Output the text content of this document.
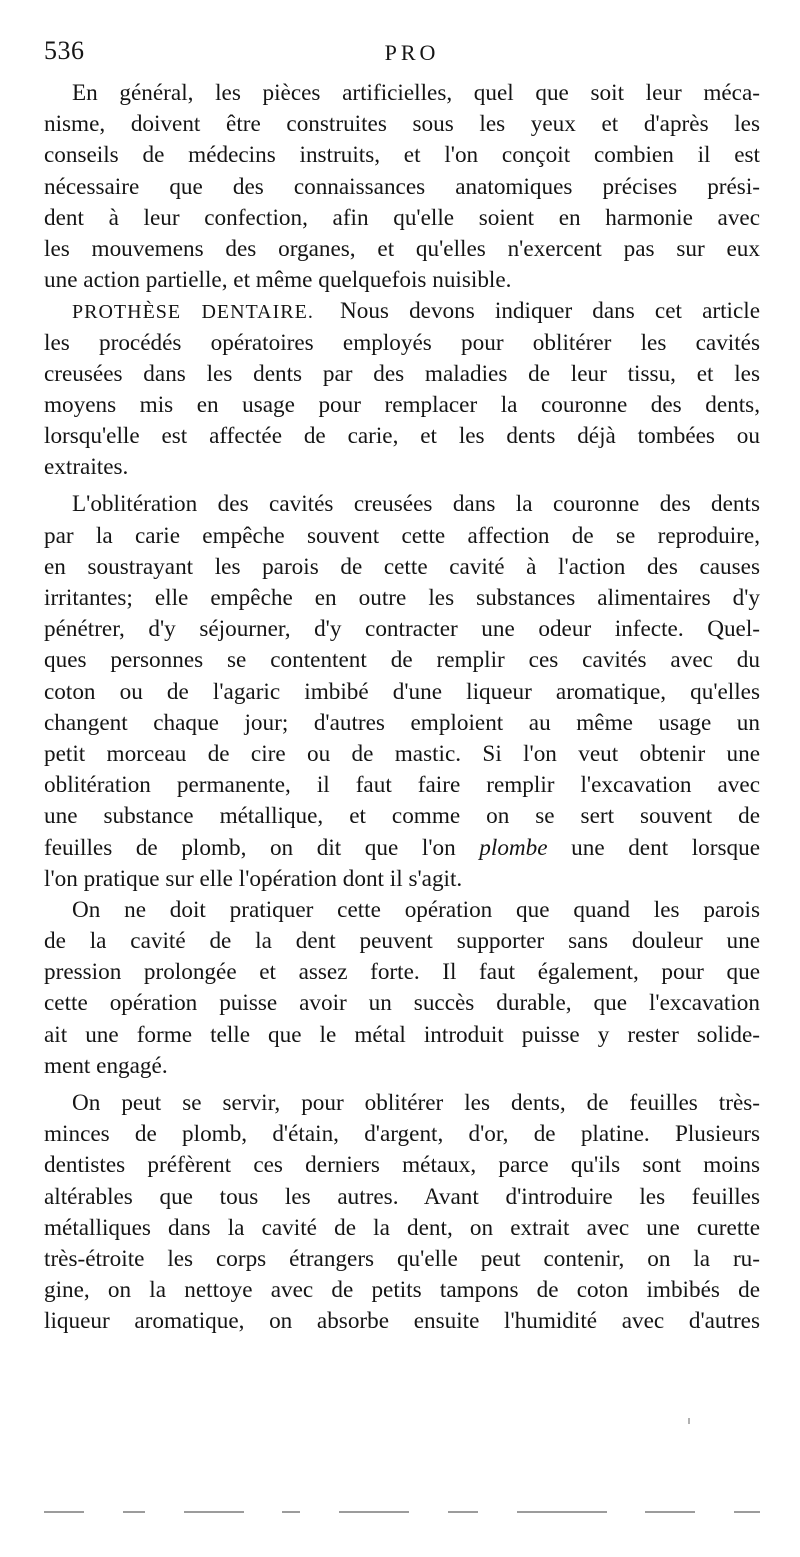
536	PRO
En général, les pièces artificielles, quel que soit leur méca-
nisme, doivent être construites sous les yeux et d'après les
conseils de médecins instruits, et l'on conçoit combien il est
nécessaire que des connaissances anatomiques précises prési-
dent à leur confection, afin qu'elle soient en harmonie avec
les mouvemens des organes, et qu'elles n'exercent pas sur eux
une action partielle, et même quelquefois nuisible.
PROTHÈSE DENTAIRE. Nous devons indiquer dans cet article
les procédés opératoires employés pour oblitérer les cavités
creusées dans les dents par des maladies de leur tissu, et les
moyens mis en usage pour remplacer la couronne des dents,
lorsqu'elle est affectée de carie, et les dents déjà tombées ou
extraites.
L'oblitération des cavités creusées dans la couronne des dents
par la carie empêche souvent cette affection de se reproduire,
en soustrayant les parois de cette cavité à l'action des causes
irritantes; elle empêche en outre les substances alimentaires d'y
pénétrer, d'y séjourner, d'y contracter une odeur infecte. Quel-
ques personnes se contentent de remplir ces cavités avec du
coton ou de l'agaric imbibé d'une liqueur aromatique, qu'elles
changent chaque jour; d'autres emploient au même usage un
petit morceau de cire ou de mastic. Si l'on veut obtenir une
oblitération permanente, il faut faire remplir l'excavation avec
une substance métallique, et comme on se sert souvent de
feuilles de plomb, on dit que l'on plombe une dent lorsque
l'on pratique sur elle l'opération dont il s'agit.
On ne doit pratiquer cette opération que quand les parois
de la cavité de la dent peuvent supporter sans douleur une
pression prolongée et assez forte. Il faut également, pour que
cette opération puisse avoir un succès durable, que l'excavation
ait une forme telle que le métal introduit puisse y rester solide-
ment engagé.
On peut se servir, pour oblitérer les dents, de feuilles très-
minces de plomb, d'étain, d'argent, d'or, de platine. Plusieurs
dentistes préfèrent ces derniers métaux, parce qu'ils sont moins
altérables que tous les autres. Avant d'introduire les feuilles
métalliques dans la cavité de la dent, on extrait avec une curette
très-étroite les corps étrangers qu'elle peut contenir, on la ru-
gine, on la nettoye avec de petits tampons de coton imbibés de
liqueur aromatique, on absorbe ensuite l'humidité avec d'autres
